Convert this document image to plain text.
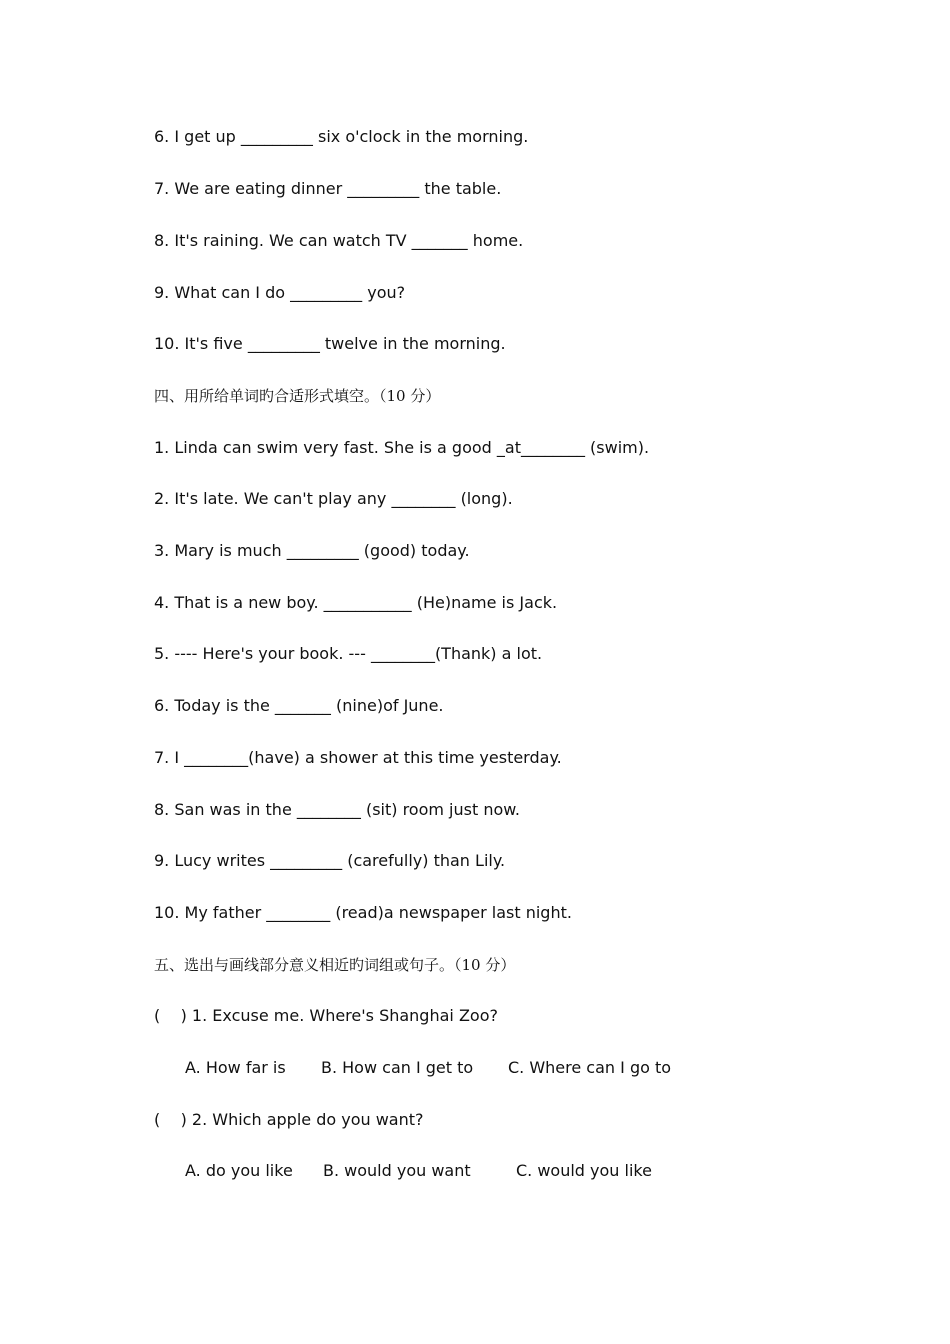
6. I get up _________ six o'clock in the morning.
7. We are eating dinner _________ the table.
8. It's raining. We can watch TV _______ home.
9. What can I do _________ you?
10. It's five _________ twelve in the morning.
四、用所给单词旳合适形式填空。（10 分）
1. Linda can swim very fast. She is a good _at________ (swim).
2. It's late. We can't play any ________ (long).
3. Mary is much _________ (good) today.
4. That is a new boy. ___________ (He)name is Jack.
5. ---- Here's your book. --- ________(Thank) a lot.
6. Today is the _______ (nine)of June.
7. I ________(have) a shower at this time yesterday.
8. San was in the ________ (sit) room just now.
9. Lucy writes _________ (carefully) than Lily.
10. My father ________ (read)a newspaper last night.
五、选出与画线部分意义相近旳词组或句子。（10 分）
(    ) 1. Excuse me. Where's Shanghai Zoo?
A. How far is B. How can I get to C. Where can I go to
(    ) 2. Which apple do you want?
A. do you like B. would you want	C. would you like
